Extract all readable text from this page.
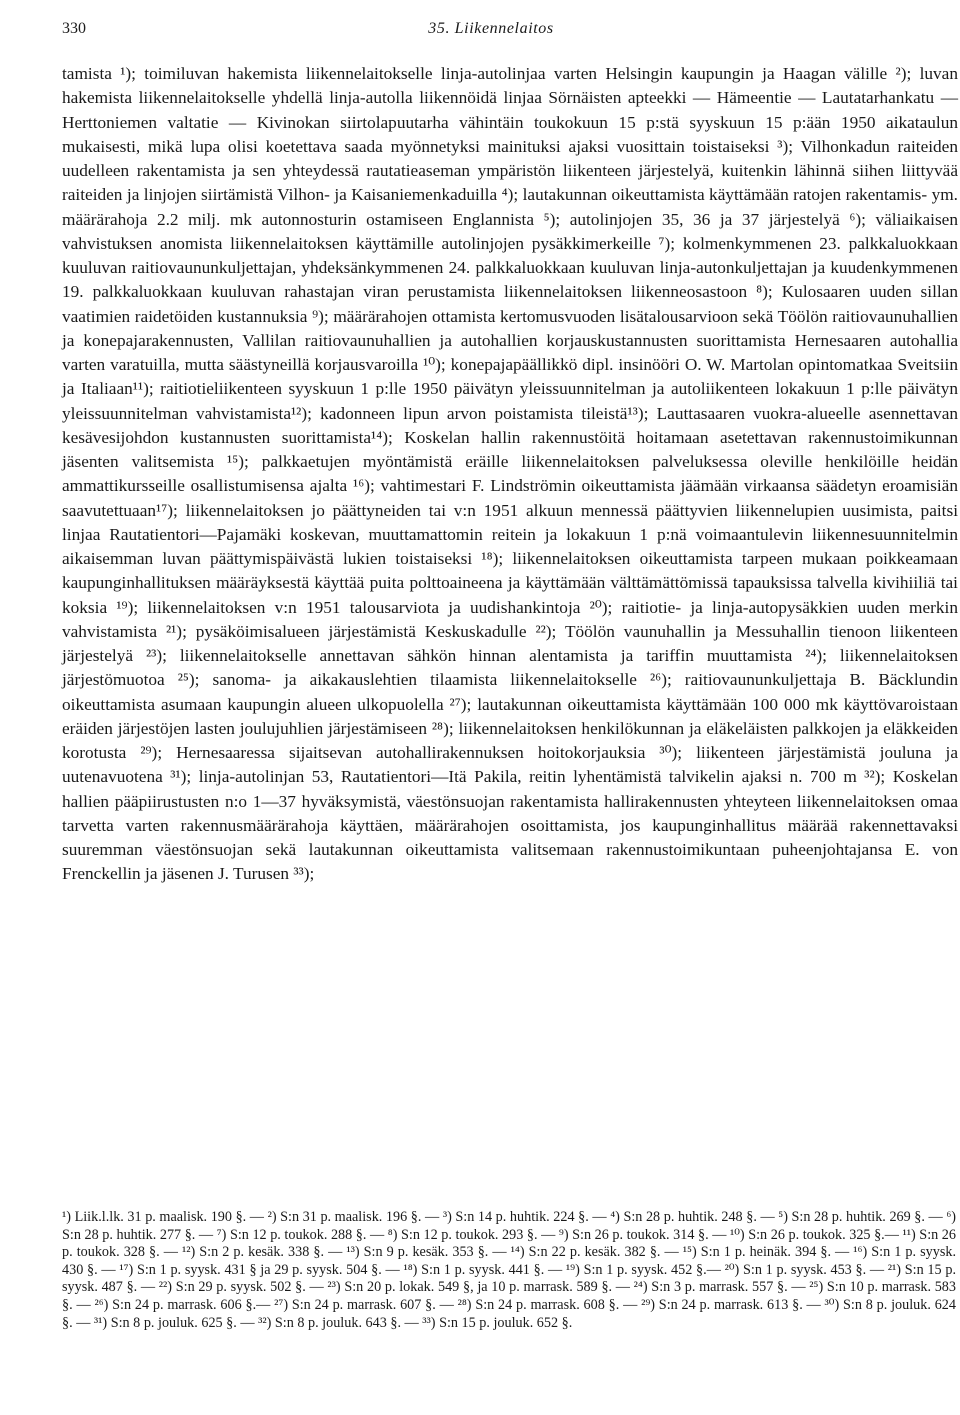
330	35. Liikennelaitos

tamista ¹); toimiluvan hakemista liikennelaitokselle linja-autolinjaa varten Helsingin kaupungin ja Haagan välille ²); luvan hakemista liikennelaitokselle yhdellä linja-autolla liikennöidä linjaa Sörnäisten apteekki — Hämeentie — Lautatarhankatu — Herttoniemen valtatie — Kivinokan siirtolapuutarha vähintäin toukokuun 15 p:stä syyskuun 15 p:ään 1950 aikataulun mukaisesti, mikä lupa olisi koetettava saada myönnetyksi mainituksi ajaksi vuosittain toistaiseksi ³); Vilhonkadun raiteiden uudelleen rakentamista ja sen yhteydessä rautatieaseman ympäristön liikenteen järjestelyä, kuitenkin lähinnä siihen liittyvää raiteiden ja linjojen siirtämistä Vilhon- ja Kaisaniemenkaduilla ⁴); lautakunnan oikeuttamista käyttämään ratojen rakentamis- ym. määrärahoja 2.2 milj. mk autonnosturin ostamiseen Englannista ⁵); autolinjojen 35, 36 ja 37 järjestelyä ⁶); väliaikaisen vahvistuksen anomista liikennelaitoksen käyttämille autolinjojen pysäkkimerkeille ⁷); kolmenkymmenen 23. palkkaluokkaan kuuluvan raitiovaununkuljettajan, yhdeksänkymmenen 24. palkkaluokkaan kuuluvan linja-autonkuljettajan ja kuudenkymmenen 19. palkkaluokkaan kuuluvan rahastajan viran perustamista liikennelaitoksen liikenneosastoon ⁸); Kulosaaren uuden sillan vaatimien raidetöiden kustannuksia ⁹); määrärahojen ottamista kertomusvuoden lisätalousarvioon sekä Töölön raitiovaunuhallien ja konepajarakennusten, Vallilan raitiovaunuhallien ja autohallien korjauskustannusten suorittamista Hernesaaren autohallia varten varatuilla, mutta säästyneillä korjausvaroilla ¹⁰); konepajapäällikkö dipl. insinööri O. W. Martolan opintomatkaa Sveitsiin ja Italiaan¹¹); raitiotieliikenteen syyskuun 1 p:lle 1950 päivätyn yleissuunnitelman ja autoliikenteen lokakuun 1 p:lle päivätyn yleissuunnitelman vahvistamista¹²); kadonneen lipun arvon poistamista tileistä¹³); Lauttasaaren vuokra-alueelle asennettavan kesävesijohdon kustannusten suorittamista¹⁴); Koskelan hallin rakennustöitä hoitamaan asetettavan rakennustoimikunnan jäsenten valitsemista ¹⁵); palkkaetujen myöntämistä eräille liikennelaitoksen palveluksessa oleville henkilöille heidän ammattikursseille osallistumisensa ajalta ¹⁶); vahtimestari F. Lindströmin oikeuttamista jäämään virkaansa säädetyn eroamisiän saavutettuaan¹⁷); liikennelaitoksen jo päättyneiden tai v:n 1951 alkuun mennessä päättyvien liikennelupien uusimista, paitsi linjaa Rautatientori—Pajamäki koskevan, muuttamattomin reitein ja lokakuun 1 p:nä voimaantulevin liikennesuunnitelmin aikaisemman luvan päättymispäivästä lukien toistaiseksi ¹⁸); liikennelaitoksen oikeuttamista tarpeen mukaan poikkeamaan kaupunginhallituksen määräyksestä käyttää puita polttoaineena ja käyttämään välttämättömissä tapauksissa talvella kivihiiliä tai koksia ¹⁹); liikennelaitoksen v:n 1951 talousarviota ja uudishankintoja ²⁰); raitiotie- ja linja-autopysäkkien uuden merkin vahvistamista ²¹); pysäköimisalueen järjestämistä Keskuskadulle ²²); Töölön vaunuhallin ja Messuhallin tienoon liikenteen järjestelyä ²³); liikennelaitokselle annettavan sähkön hinnan alentamista ja tariffin muuttamista ²⁴); liikennelaitoksen järjestömuotoa ²⁵); sanoma- ja aikakauslehtien tilaamista liikennelaitokselle ²⁶); raitiovaununkuljettaja B. Bäcklundin oikeuttamista asumaan kaupungin alueen ulkopuolella ²⁷); lautakunnan oikeuttamista käyttämään 100 000 mk käyttövaroistaan eräiden järjestöjen lasten joulujuhlien järjestämiseen ²⁸); liikennelaitoksen henkilökunnan ja eläkeläisten palkkojen ja eläkkeiden korotusta ²⁹); Hernesaaressa sijaitsevan autohallirakennuksen hoitokorjauksia ³⁰); liikenteen järjestämistä jouluna ja uutenavuotena ³¹); linja-autolinjan 53, Rautatientori—Itä Pakila, reitin lyhentämistä talvikelin ajaksi n. 700 m ³²); Koskelan hallien pääpiirustusten n:o 1—37 hyväksymistä, väestönsuojan rakentamista hallirakennusten yhteyteen liikennelaitoksen omaa tarvetta varten rakennusmäärärahoja käyttäen, määrärahojen osoittamista, jos kaupunginhallitus määrää rakennettavaksi suuremman väestönsuojan sekä lautakunnan oikeuttamista valitsemaan rakennustoimikuntaan puheenjohtajansa E. von Frenckellin ja jäsenen J. Turusen ³³);

¹) Liik.l.lk. 31 p. maalisk. 190 §. — ²) S:n 31 p. maalisk. 196 §. — ³) S:n 14 p. huhtik. 224 §. — ⁴) S:n 28 p. huhtik. 248 §. — ⁵) S:n 28 p. huhtik. 269 §. — ⁶) S:n 28 p. huhtik. 277 §. — ⁷) S:n 12 p. toukok. 288 §. — ⁸) S:n 12 p. toukok. 293 §. — ⁹) S:n 26 p. toukok. 314 §. — ¹⁰) S:n 26 p. toukok. 325 §.— ¹¹) S:n 26 p. toukok. 328 §. — ¹²) S:n 2 p. kesäk. 338 §. — ¹³) S:n 9 p. kesäk. 353 §. — ¹⁴) S:n 22 p. kesäk. 382 §. — ¹⁵) S:n 1 p. heinäk. 394 §. — ¹⁶) S:n 1 p. syysk. 430 §. — ¹⁷) S:n 1 p. syysk. 431 § ja 29 p. syysk. 504 §. — ¹⁸) S:n 1 p. syysk. 441 §. — ¹⁹) S:n 1 p. syysk. 452 §.— ²⁰) S:n 1 p. syysk. 453 §. — ²¹) S:n 15 p. syysk. 487 §. — ²²) S:n 29 p. syysk. 502 §. — ²³) S:n 20 p. lokak. 549 §, ja 10 p. marrask. 589 §. — ²⁴) S:n 3 p. marrask. 557 §. — ²⁵) S:n 10 p. marrask. 583 §. — ²⁶) S:n 24 p. marrask. 606 §.— ²⁷) S:n 24 p. marrask. 607 §. — ²⁸) S:n 24 p. marrask. 608 §. — ²⁹) S:n 24 p. marrask. 613 §. — ³⁰) S:n 8 p. jouluk. 624 §. — ³¹) S:n 8 p. jouluk. 625 §. — ³²) S:n 8 p. jouluk. 643 §. — ³³) S:n 15 p. jouluk. 652 §.
